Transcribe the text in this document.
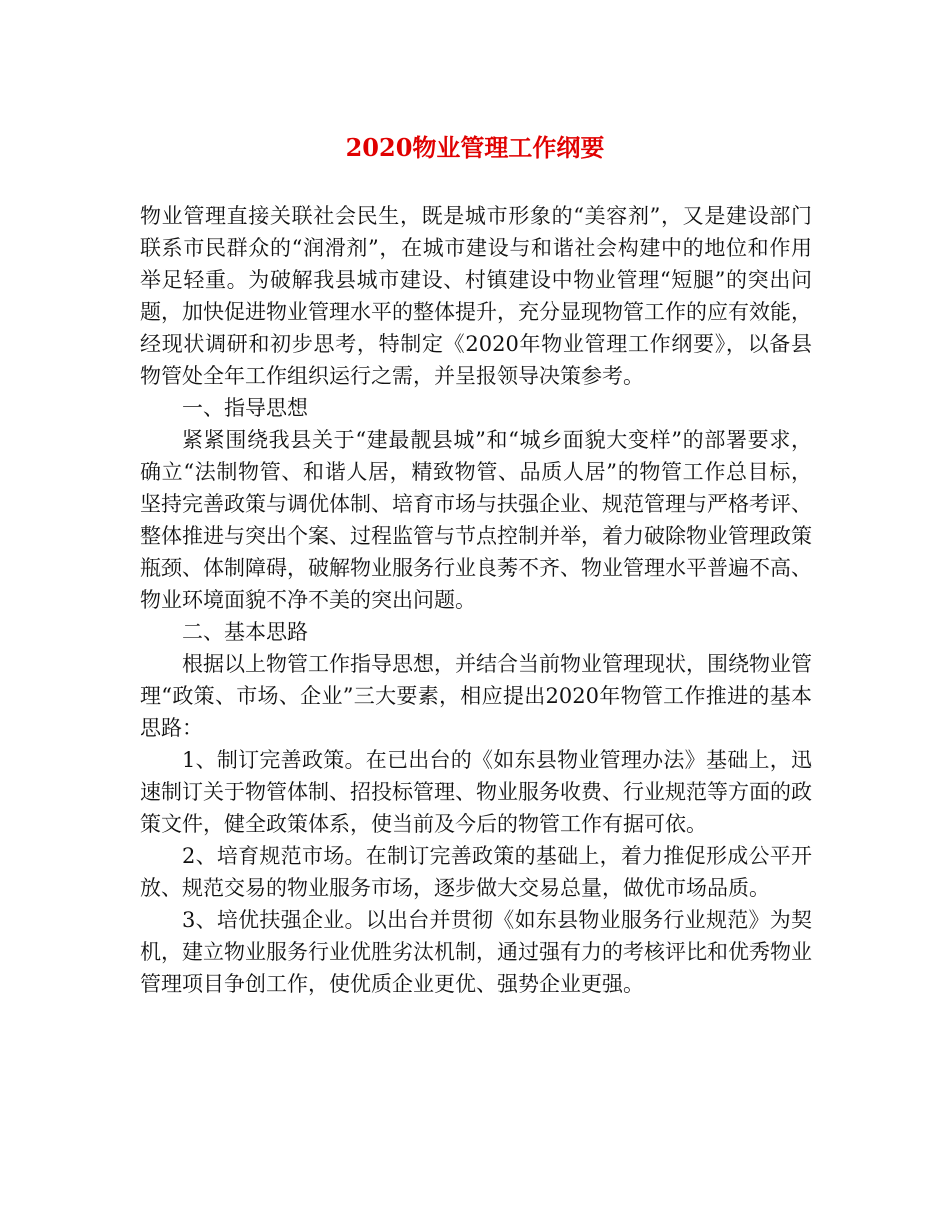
2020物业管理工作纲要

物业管理直接关联社会民生，既是城市形象的“美容剂”，又是建设部门联系市民群众的“润滑剂”，在城市建设与和谐社会构建中的地位和作用举足轻重。为破解我县城市建设、村镇建设中物业管理“短腿”的突出问题，加快促进物业管理水平的整体提升，充分显现物管工作的应有效能，经现状调研和初步思考，特制定《2020年物业管理工作纲要》，以备县物管处全年工作组织运行之需，并呈报领导决策参考。

一、指导思想

紧紧围绕我县关于“建最靓县城”和“城乡面貌大变样”的部署要求，确立“法制物管、和谐人居，精致物管、品质人居”的物管工作总目标，坚持完善政策与调优体制、培育市场与扶强企业、规范管理与严格考评、整体推进与突出个案、过程监管与节点控制并举，着力破除物业管理政策瓶颈、体制障碍，破解物业服务行业良莠不齐、物业管理水平普遍不高、物业环境面貌不净不美的突出问题。

二、基本思路

根据以上物管工作指导思想，并结合当前物业管理现状，围绕物业管理“政策、市场、企业”三大要素，相应提出2020年物管工作推进的基本思路：

1、制订完善政策。在已出台的《如东县物业管理办法》基础上，迅速制订关于物管体制、招投标管理、物业服务收费、行业规范等方面的政策文件，健全政策体系，使当前及今后的物管工作有据可依。

2、培育规范市场。在制订完善政策的基础上，着力推促形成公平开放、规范交易的物业服务市场，逐步做大交易总量，做优市场品质。

3、培优扶强企业。以出台并贯彻《如东县物业服务行业规范》为契机，建立物业服务行业优胜劣汰机制，通过强有力的考核评比和优秀物业管理项目争创工作，使优质企业更优、强势企业更强。
